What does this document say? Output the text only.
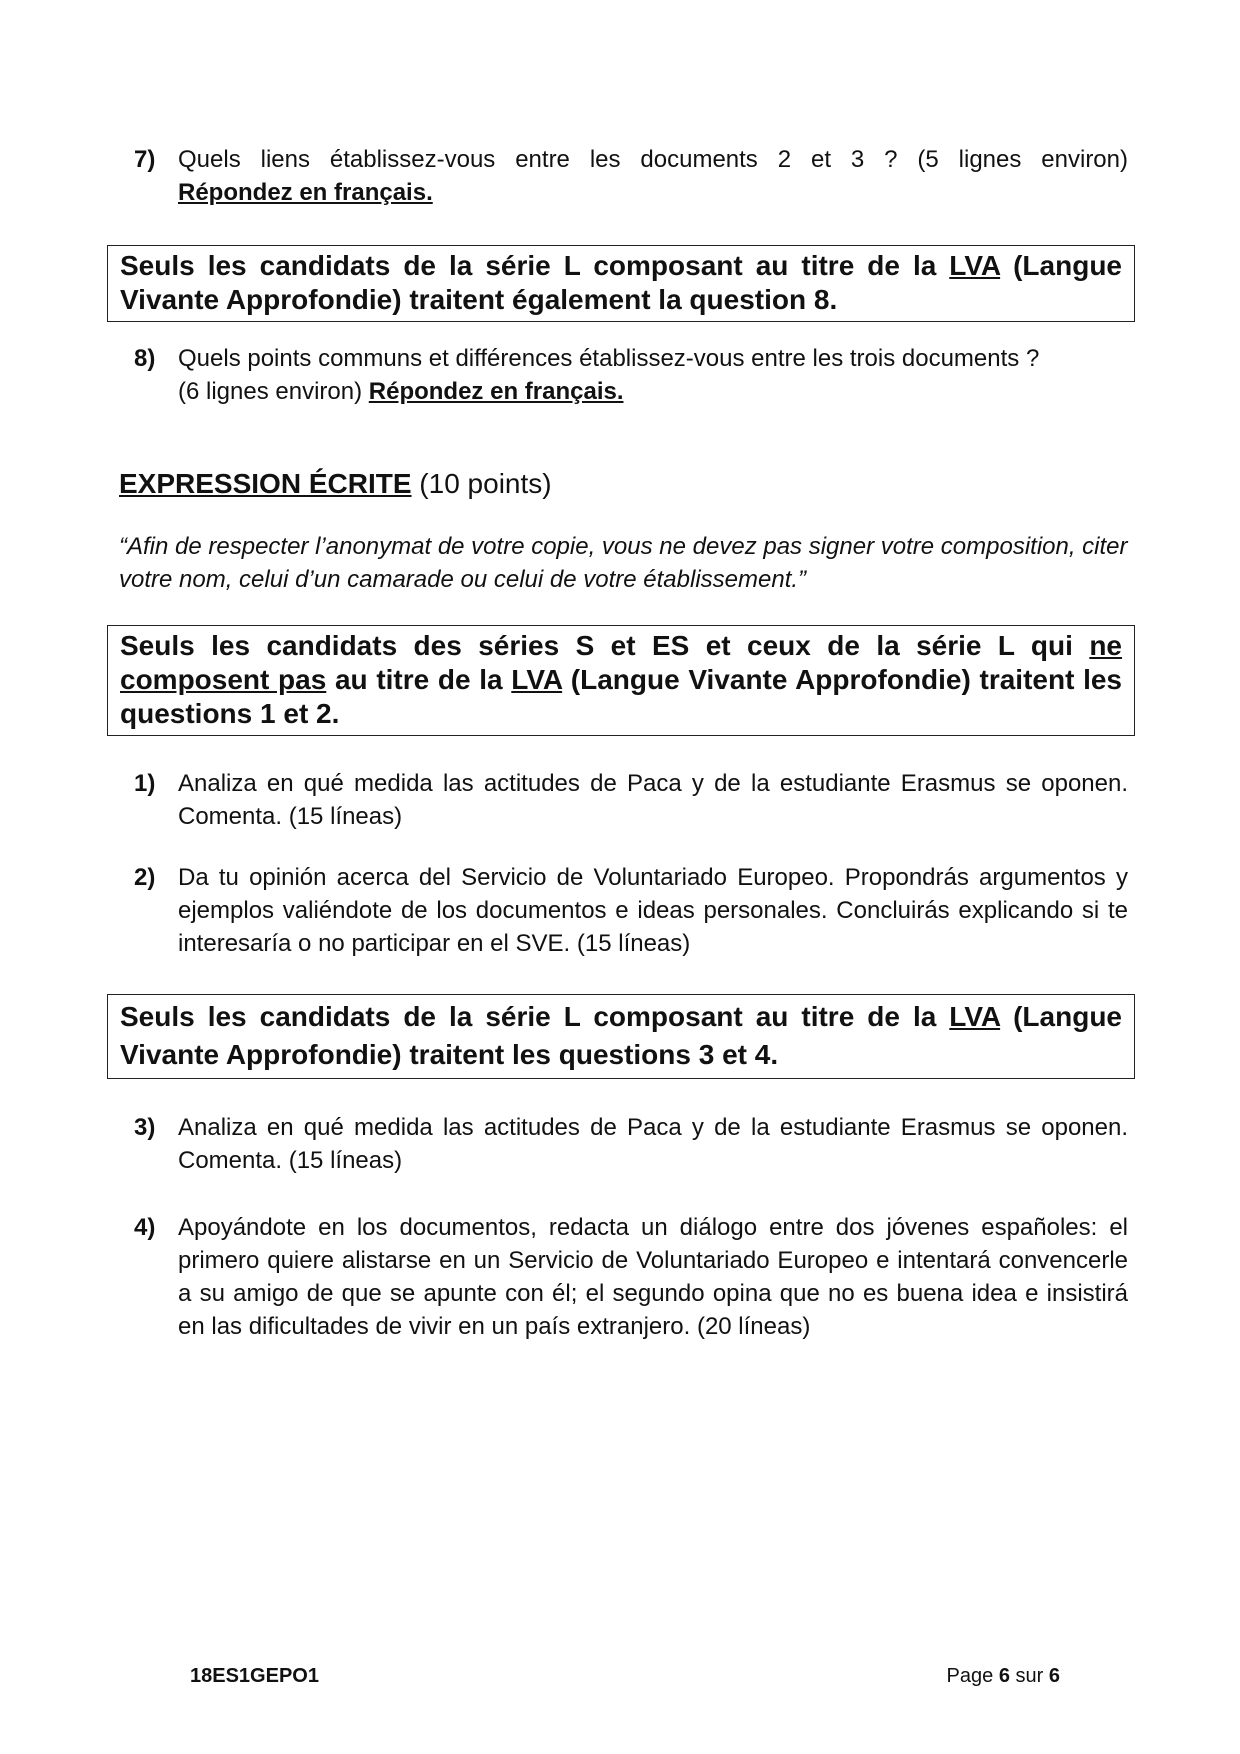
7) Quels liens établissez-vous entre les documents 2 et 3 ? (5 lignes environ)
Répondez en français.
Seuls les candidats de la série L composant au titre de la LVA (Langue Vivante Approfondie) traitent également la question 8.
8) Quels points communs et différences établissez-vous entre les trois documents ?
(6 lignes environ) Répondez en français.
EXPRESSION ÉCRITE (10 points)
“Afin de respecter l’anonymat de votre copie, vous ne devez pas signer votre composition, citer votre nom, celui d’un camarade ou celui de votre établissement.”
Seuls les candidats des séries S et ES et ceux de la série L qui ne composent pas au titre de la LVA (Langue Vivante Approfondie) traitent les questions 1 et 2.
1) Analiza en qué medida las actitudes de Paca y de la estudiante Erasmus se oponen. Comenta. (15 líneas)
2) Da tu opinión acerca del Servicio de Voluntariado Europeo. Propondrás argumentos y ejemplos valiéndote de los documentos e ideas personales. Concluirás explicando si te interesaría o no participar en el SVE. (15 líneas)
Seuls les candidats de la série L composant au titre de la LVA (Langue Vivante Approfondie) traitent les questions 3 et 4.
3) Analiza en qué medida las actitudes de Paca y de la estudiante Erasmus se oponen. Comenta. (15 líneas)
4) Apoyándote en los documentos, redacta un diálogo entre dos jóvenes españoles: el primero quiere alistarse en un Servicio de Voluntariado Europeo e intentará convencerle a su amigo de que se apunte con él; el segundo opina que no es buena idea e insistirá en las dificultades de vivir en un país extranjero. (20 líneas)
18ES1GEPO1	Page 6 sur 6
